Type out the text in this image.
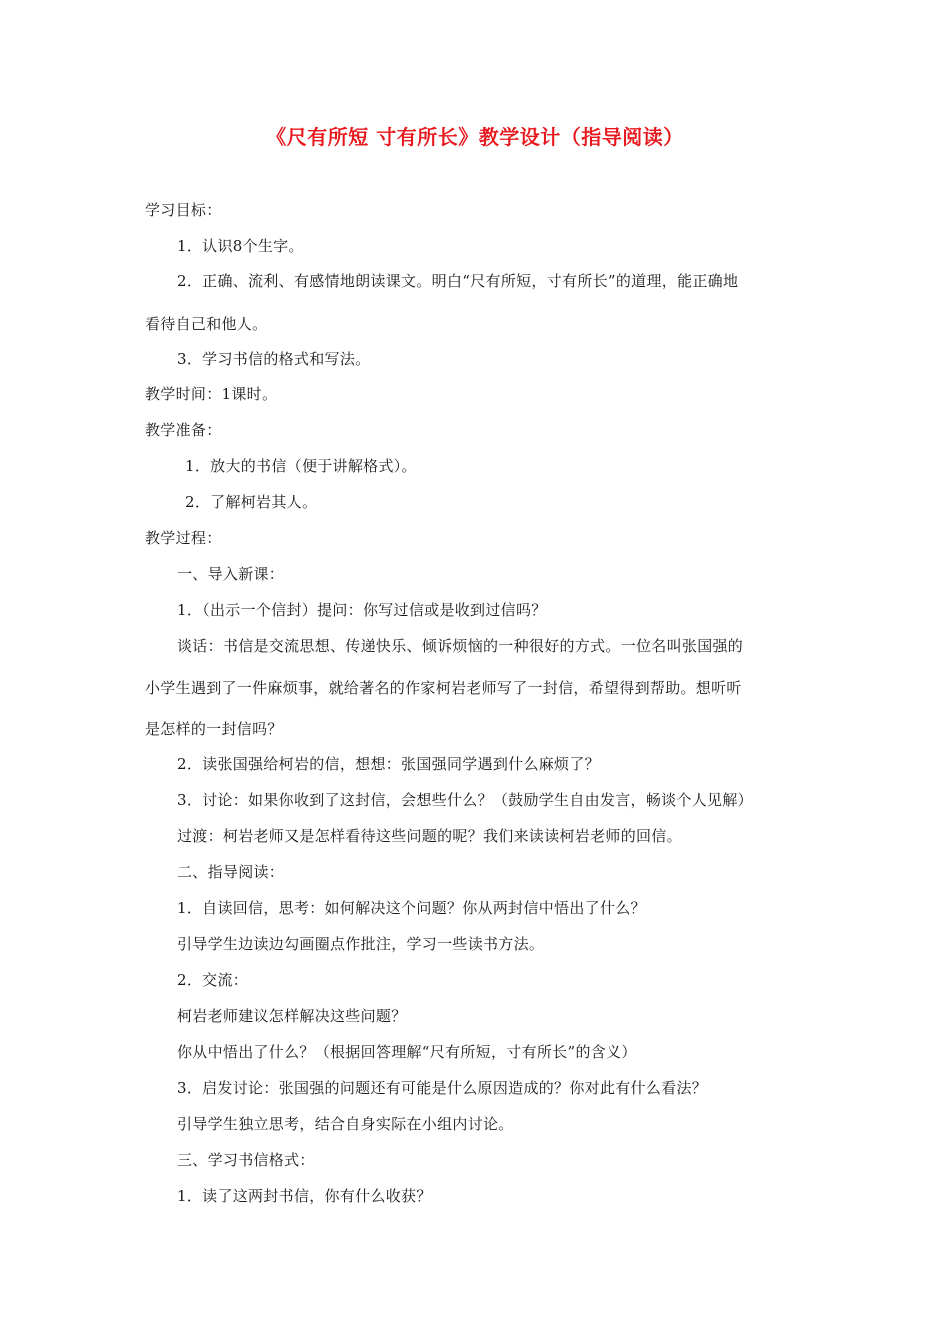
《尺有所短 寸有所长》教学设计（指导阅读）
学习目标：
1．认识8个生字。
2．正确、流利、有感情地朗读课文。明白“尺有所短，寸有所长”的道理，能正确地
看待自己和他人。
3．学习书信的格式和写法。
教学时间：1课时。
教学准备：
1．放大的书信（便于讲解格式）。
2．了解柯岩其人。
教学过程：
一、导入新课：
1．（出示一个信封）提问：你写过信或是收到过信吗？
谈话：书信是交流思想、传递快乐、倾诉烦恼的一种很好的方式。一位名叫张国强的
小学生遇到了一件麻烦事，就给著名的作家柯岩老师写了一封信，希望得到帮助。想听听
是怎样的一封信吗？
2．读张国强给柯岩的信，想想：张国强同学遇到什么麻烦了？
3．讨论：如果你收到了这封信，会想些什么？（鼓励学生自由发言，畅谈个人见解）
过渡：柯岩老师又是怎样看待这些问题的呢？我们来读读柯岩老师的回信。
二、指导阅读：
1．自读回信，思考：如何解决这个问题？你从两封信中悟出了什么？
引导学生边读边勾画圈点作批注，学习一些读书方法。
2．交流：
柯岩老师建议怎样解决这些问题？
你从中悟出了什么？（根据回答理解“尺有所短，寸有所长”的含义）
3．启发讨论：张国强的问题还有可能是什么原因造成的？你对此有什么看法？
引导学生独立思考，结合自身实际在小组内讨论。
三、学习书信格式：
1．读了这两封书信，你有什么收获？
